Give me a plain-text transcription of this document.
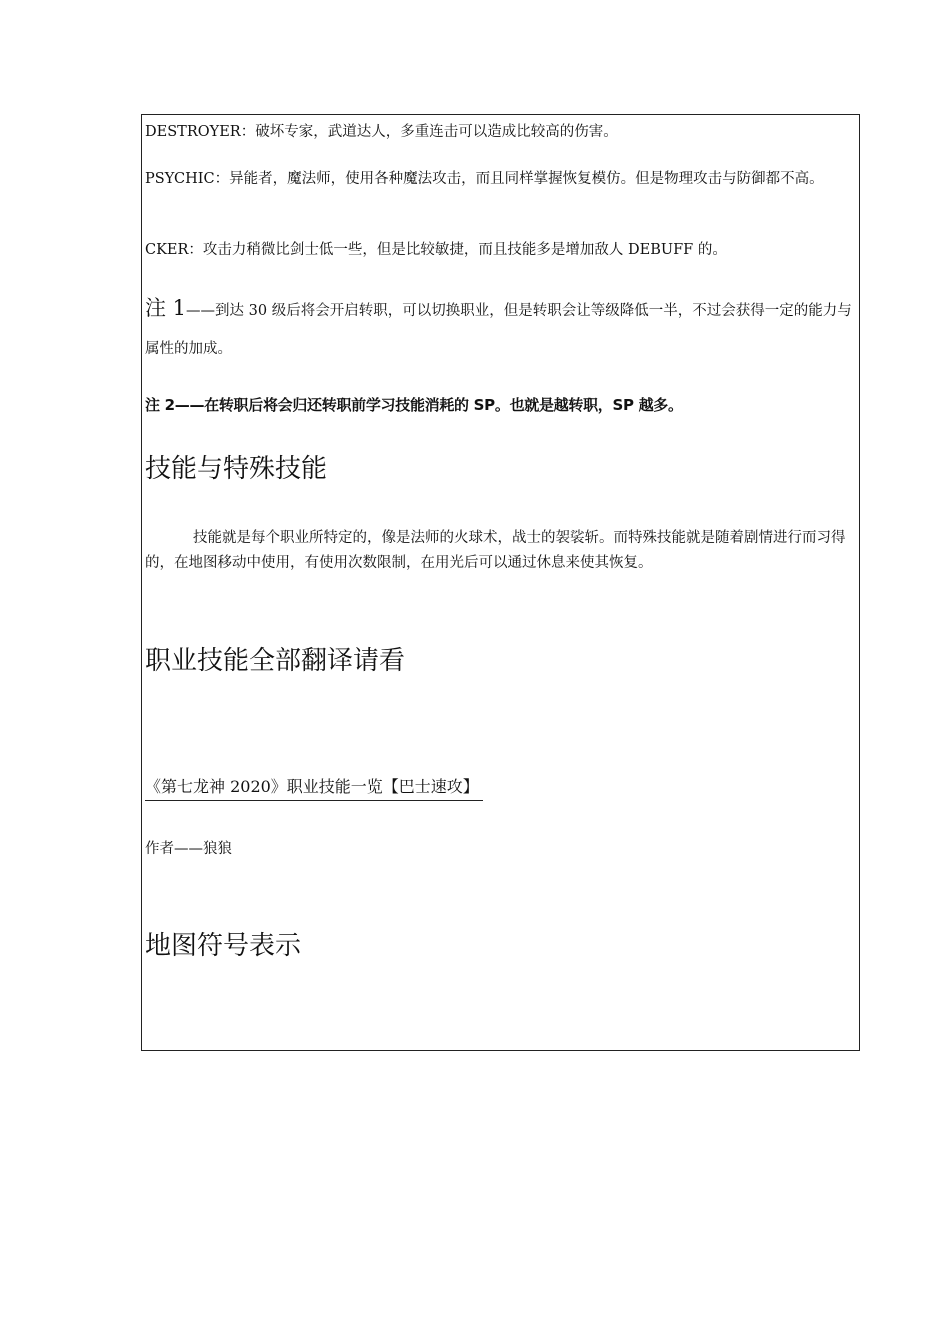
DESTROYER：破坏专家，武道达人，多重连击可以造成比较高的伤害。

PSYCHIC：异能者，魔法师，使用各种魔法攻击，而且同样掌握恢复模仿。但是物理攻击与防御都不高。

CKER：攻击力稍微比剑士低一些，但是比较敏捷，而且技能多是增加敌人 DEBUFF 的。

注 1——到达 30 级后将会开启转职，可以切换职业，但是转职会让等级降低一半，不过会获得一定的能力与属性的加成。

注 2——在转职后将会归还转职前学习技能消耗的 SP。也就是越转职，SP 越多。

技能与特殊技能

技能就是每个职业所特定的，像是法师的火球术，战士的袈裟斩。而特殊技能就是随着剧情进行而习得的，在地图移动中使用，有使用次数限制，在用光后可以通过休息来使其恢复。

职业技能全部翻译请看

《第七龙神 2020》职业技能一览【巴士速攻】

作者——狼狼

地图符号表示
